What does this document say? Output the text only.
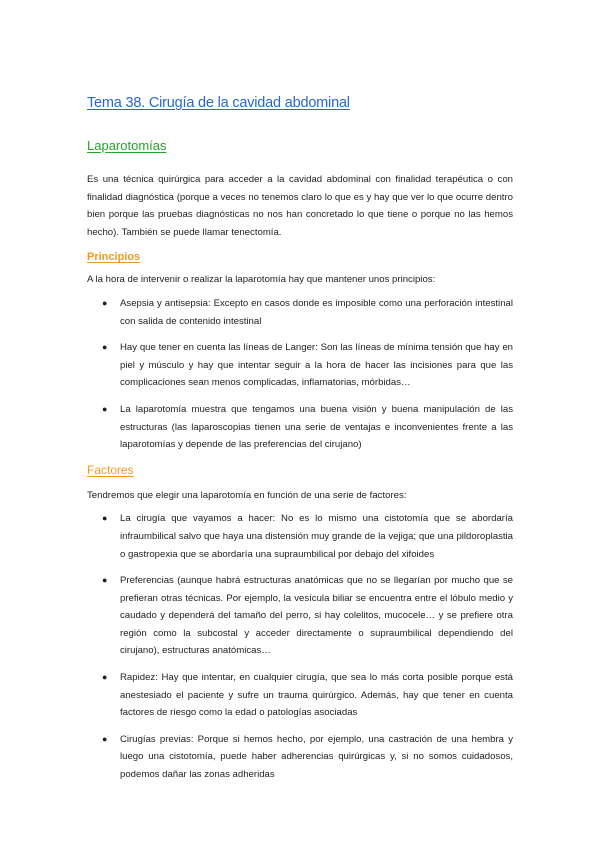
Tema 38. Cirugía de la cavidad abdominal
Laparotomías

Es una técnica quirúrgica para acceder a la cavidad abdominal con finalidad terapéutica o con finalidad diagnóstica (porque a veces no tenemos claro lo que es y hay que ver lo que ocurre dentro bien porque las pruebas diagnósticas no nos han concretado lo que tiene o porque no las hemos hecho). También se puede llamar tenectomía.

Principios

A la hora de intervenir o realizar la laparotomía hay que mantener unos principios:

● Asepsia y antisepsia: Excepto en casos donde es imposible como una perforación intestinal con salida de contenido intestinal
● Hay que tener en cuenta las líneas de Langer: Son las líneas de mínima tensión que hay en piel y músculo y hay que intentar seguir a la hora de hacer las incisiones para que las complicaciones sean menos complicadas, inflamatorias, mórbidas…
● La laparotomía muestra que tengamos una buena visión y buena manipulación de las estructuras (las laparoscopias tienen una serie de ventajas e inconvenientes frente a las laparotomías y depende de las preferencias del cirujano)
Factores

Tendremos que elegir una laparotomía en función de una serie de factores:

● La cirugía que vayamos a hacer: No es lo mismo una cistotomía que se abordaría infraumbilical salvo que haya una distensión muy grande de la vejiga; que una pildoroplastia o gastropexia que se abordaría una supraumbilical por debajo del xifoides
● Preferencias (aunque habrá estructuras anatómicas que no se llegarían por mucho que se prefieran otras técnicas. Por ejemplo, la vesícula biliar se encuentra entre el lóbulo medio y caudado y dependerá del tamaño del perro, si hay colelitos, mucocele… y se prefiere otra región como la subcostal y acceder directamente o supraumbilical dependiendo del cirujano), estructuras anatómicas…
● Rapidez: Hay que intentar, en cualquier cirugía, que sea lo más corta posible porque está anestesiado el paciente y sufre un trauma quirúrgico. Además, hay que tener en cuenta factores de riesgo como la edad o patologías asociadas
● Cirugías previas: Porque si hemos hecho, por ejemplo, una castración de una hembra y luego una cistotomía, puede haber adherencias quirúrgicas y, si no somos cuidadosos, podemos dañar las zonas adheridas
